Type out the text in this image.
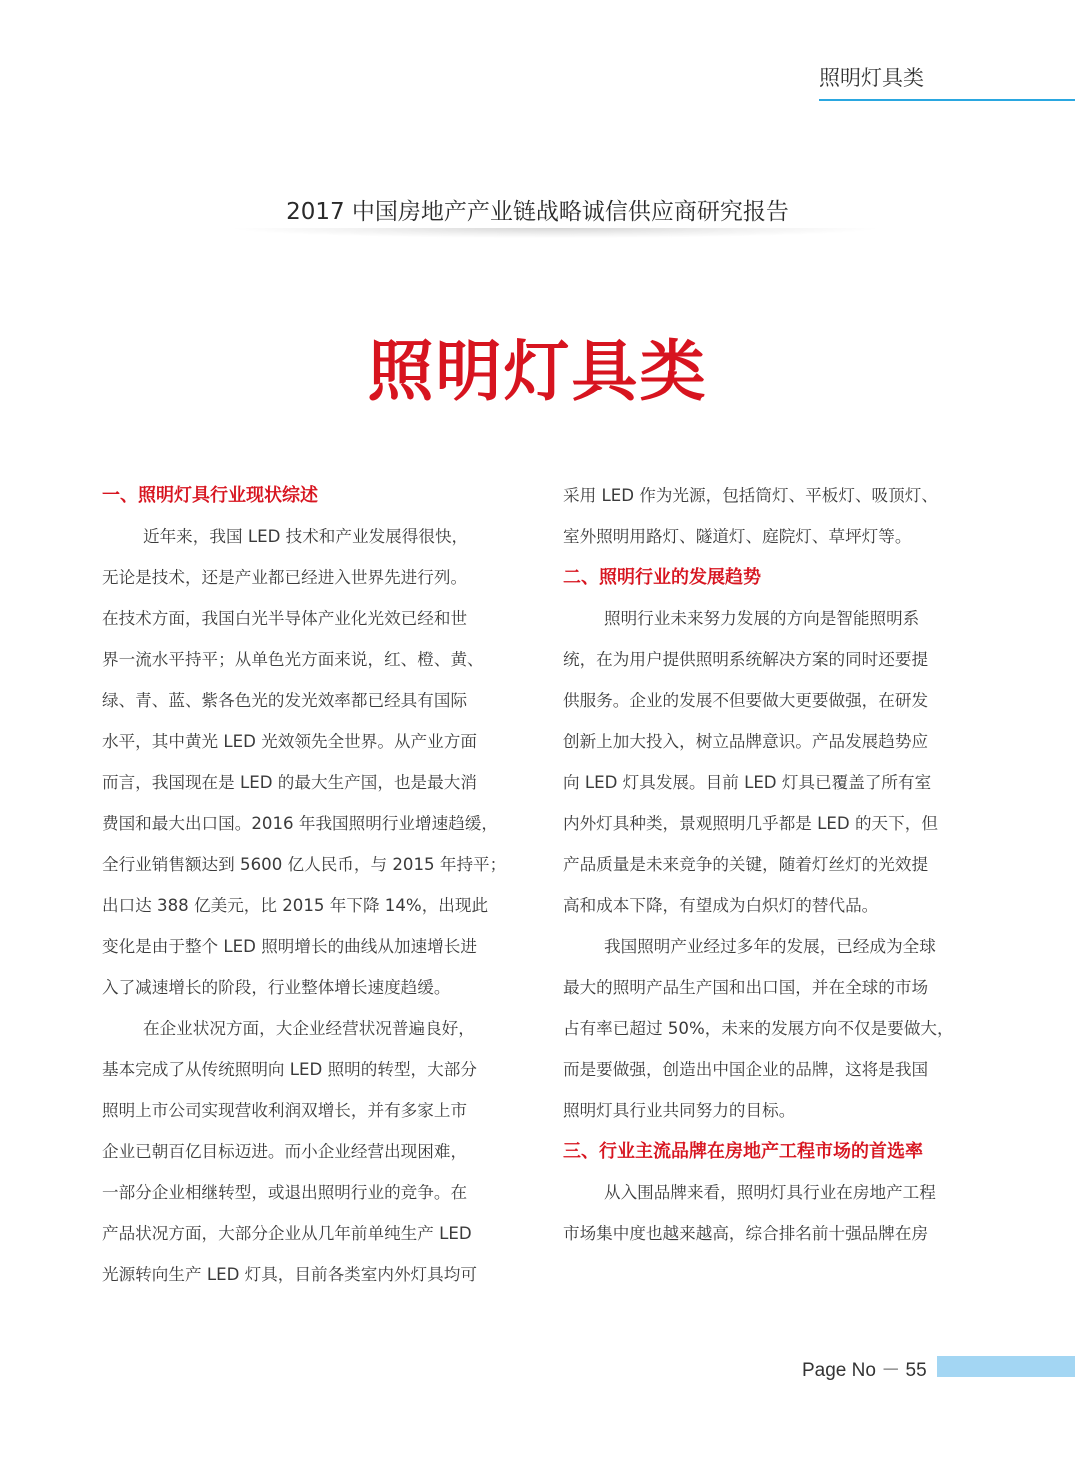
照明灯具类
2017 中国房地产产业链战略诚信供应商研究报告
照明灯具类
一、照明灯具行业现状综述
近年来，我国 LED 技术和产业发展得很快，
无论是技术，还是产业都已经进入世界先进行列。
在技术方面，我国白光半导体产业化光效已经和世
界一流水平持平；从单色光方面来说，红、橙、黄、
绿、青、蓝、紫各色光的发光效率都已经具有国际
水平，其中黄光 LED 光效领先全世界。从产业方面
而言，我国现在是 LED 的最大生产国，也是最大消
费国和最大出口国。2016 年我国照明行业增速趋缓，
全行业销售额达到 5600 亿人民币，与 2015 年持平；
出口达 388 亿美元，比 2015 年下降 14%，出现此
变化是由于整个 LED 照明增长的曲线从加速增长进
入了减速增长的阶段，行业整体增长速度趋缓。
在企业状况方面，大企业经营状况普遍良好，
基本完成了从传统照明向 LED 照明的转型，大部分
照明上市公司实现营收利润双增长，并有多家上市
企业已朝百亿目标迈进。而小企业经营出现困难，
一部分企业相继转型，或退出照明行业的竞争。在
产品状况方面，大部分企业从几年前单纯生产 LED
光源转向生产 LED 灯具，目前各类室内外灯具均可
采用 LED 作为光源，包括筒灯、平板灯、吸顶灯、
室外照明用路灯、隧道灯、庭院灯、草坪灯等。
二、照明行业的发展趋势
照明行业未来努力发展的方向是智能照明系
统，在为用户提供照明系统解决方案的同时还要提
供服务。企业的发展不但要做大更要做强，在研发
创新上加大投入，树立品牌意识。产品发展趋势应
向 LED 灯具发展。目前 LED 灯具已覆盖了所有室
内外灯具种类，景观照明几乎都是 LED 的天下，但
产品质量是未来竞争的关键，随着灯丝灯的光效提
高和成本下降，有望成为白炽灯的替代品。
我国照明产业经过多年的发展，已经成为全球
最大的照明产品生产国和出口国，并在全球的市场
占有率已超过 50%，未来的发展方向不仅是要做大，
而是要做强，创造出中国企业的品牌，这将是我国
照明灯具行业共同努力的目标。
三、行业主流品牌在房地产工程市场的首选率
从入围品牌来看，照明灯具行业在房地产工程
市场集中度也越来越高，综合排名前十强品牌在房
Page No － 55
